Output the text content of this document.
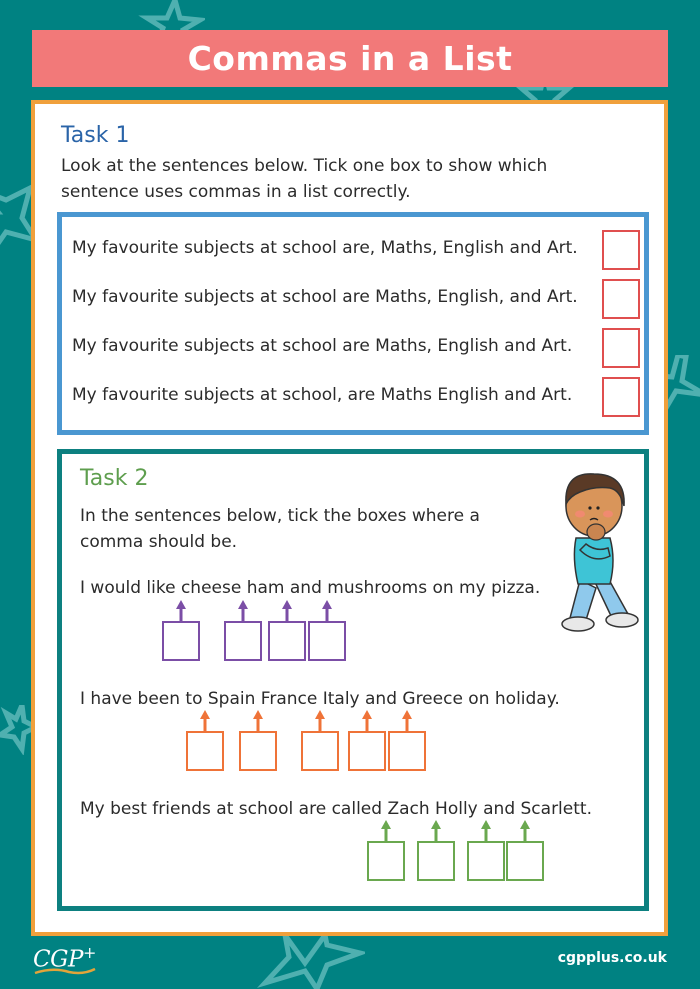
Commas in a List
Task 1
Look at the sentences below. Tick one box to show which sentence uses commas in a list correctly.
My favourite subjects at school are, Maths, English and Art.
My favourite subjects at school are Maths, English, and Art.
My favourite subjects at school are Maths, English and Art.
My favourite subjects at school, are Maths English and Art.
Task 2
In the sentences below, tick the boxes where a comma should be.
I would like cheese ham and mushrooms on my pizza.
I have been to Spain France Italy and Greece on holiday.
My best friends at school are called Zach Holly and Scarlett.
CGP+	cgpplus.co.uk
